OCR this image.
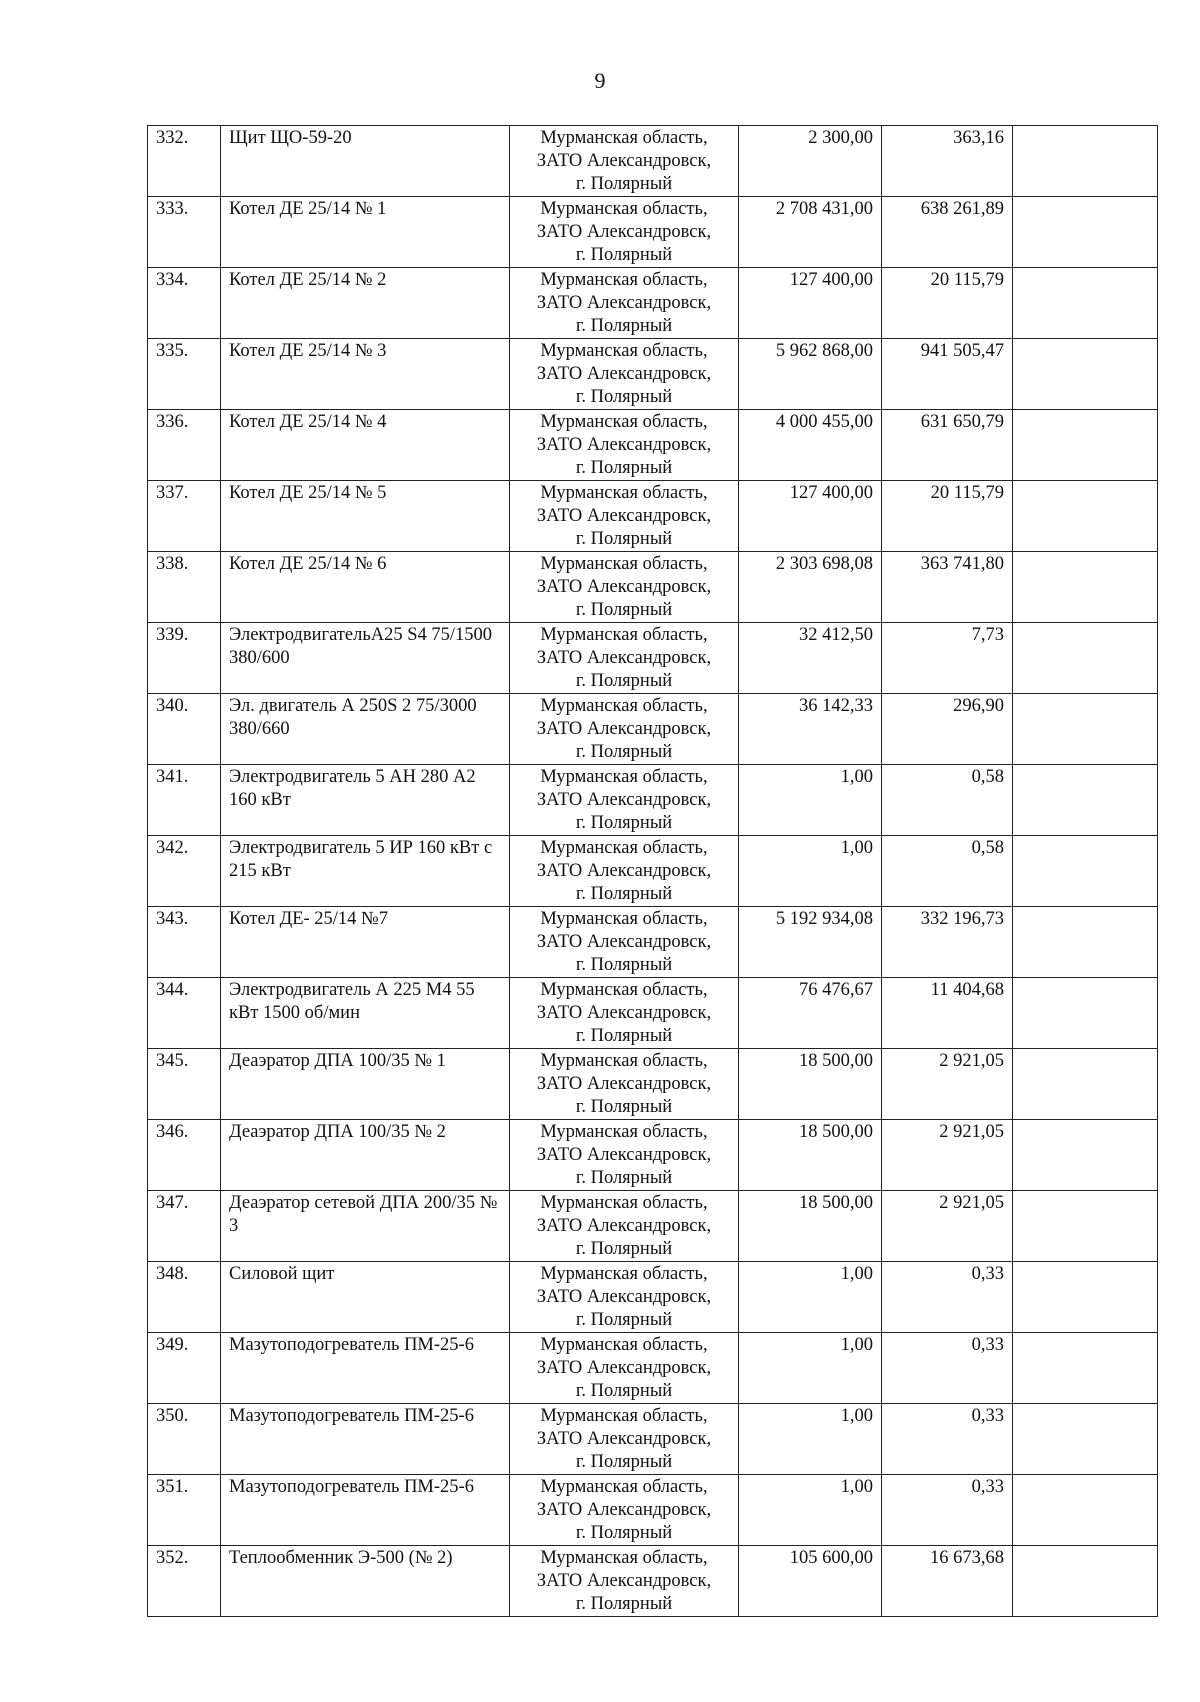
9
332.	Щит ЩО-59-20	Мурманская область,
ЗАТО Александровск,
г. Полярный	2 300,00	363,16	
333.	Котел ДЕ 25/14 № 1	Мурманская область,
ЗАТО Александровск,
г. Полярный	2 708 431,00	638 261,89	
334.	Котел ДЕ 25/14 № 2	Мурманская область,
ЗАТО Александровск,
г. Полярный	127 400,00	20 115,79	
335.	Котел ДЕ 25/14 № 3	Мурманская область,
ЗАТО Александровск,
г. Полярный	5 962 868,00	941 505,47	
336.	Котел ДЕ 25/14 № 4	Мурманская область,
ЗАТО Александровск,
г. Полярный	4 000 455,00	631 650,79	
337.	Котел ДЕ 25/14 № 5	Мурманская область,
ЗАТО Александровск,
г. Полярный	127 400,00	20 115,79	
338.	Котел ДЕ 25/14 № 6	Мурманская область,
ЗАТО Александровск,
г. Полярный	2 303 698,08	363 741,80	
339.	ЭлектродвигательА25 S4 75/1500 380/600	Мурманская область,
ЗАТО Александровск,
г. Полярный	32 412,50	7,73	
340.	Эл. двигатель А 250S 2 75/3000 380/660	Мурманская область,
ЗАТО Александровск,
г. Полярный	36 142,33	296,90	
341.	Электродвигатель 5 АН 280 А2 160 кВт	Мурманская область,
ЗАТО Александровск,
г. Полярный	1,00	0,58	
342.	Электродвигатель 5 ИР 160 кВт с 215 кВт	Мурманская область,
ЗАТО Александровск,
г. Полярный	1,00	0,58	
343.	Котел ДЕ- 25/14 №7	Мурманская область,
ЗАТО Александровск,
г. Полярный	5 192 934,08	332 196,73	
344.	Электродвигатель А 225 М4 55 кВт 1500 об/мин	Мурманская область,
ЗАТО Александровск,
г. Полярный	76 476,67	11 404,68	
345.	Деаэратор ДПА 100/35 № 1	Мурманская область,
ЗАТО Александровск,
г. Полярный	18 500,00	2 921,05	
346.	Деаэратор ДПА 100/35 № 2	Мурманская область,
ЗАТО Александровск,
г. Полярный	18 500,00	2 921,05	
347.	Деаэратор сетевой ДПА 200/35 № 3	Мурманская область,
ЗАТО Александровск,
г. Полярный	18 500,00	2 921,05	
348.	Силовой щит	Мурманская область,
ЗАТО Александровск,
г. Полярный	1,00	0,33	
349.	Мазутоподогреватель ПМ-25-6	Мурманская область,
ЗАТО Александровск,
г. Полярный	1,00	0,33	
350.	Мазутоподогреватель ПМ-25-6	Мурманская область,
ЗАТО Александровск,
г. Полярный	1,00	0,33	
351.	Мазутоподогреватель ПМ-25-6	Мурманская область,
ЗАТО Александровск,
г. Полярный	1,00	0,33	
352.	Теплообменник Э-500 (№ 2)	Мурманская область,
ЗАТО Александровск,
г. Полярный	105 600,00	16 673,68	
